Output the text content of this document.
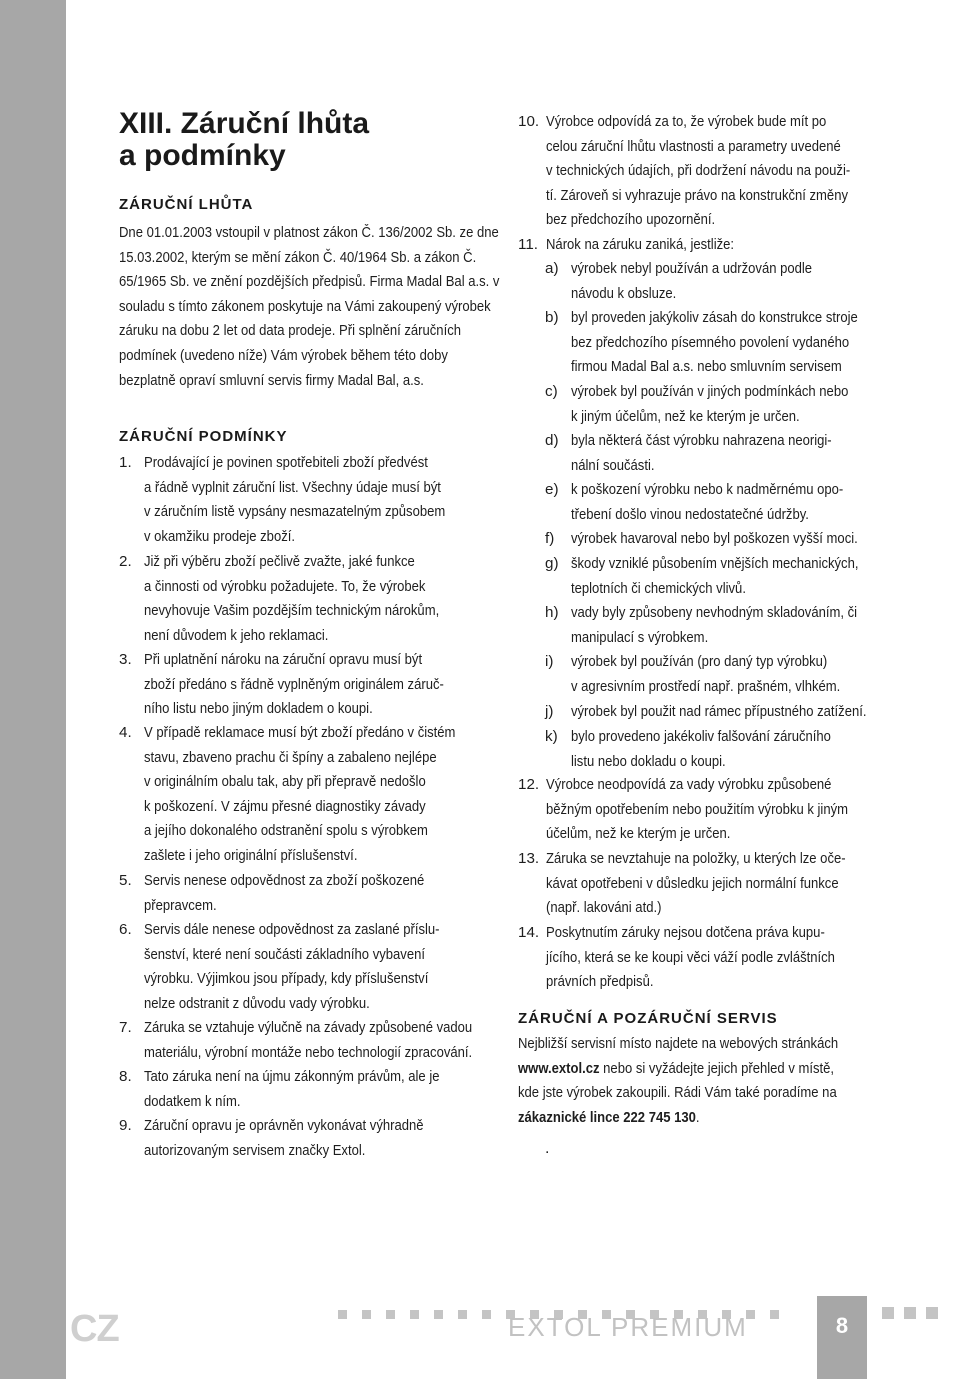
XIII. Záruční lhůta
a podmínky
ZÁRUČNÍ LHŮTA

Dne 01.01.2003 vstoupil v platnost zákon Č. 136/2002 Sb. ze dne 15.03.2002, kterým se mění zákon Č. 40/1964 Sb. a zákon Č. 65/1965 Sb. ve znění pozdějších předpisů. Firma Madal Bal a.s. v souladu s tímto zákonem poskytuje na Vámi zakoupený výrobek záruku na dobu 2 let od data prodeje. Při splnění záručních podmínek (uvedeno níže) Vám výrobek během této doby bezplatně opraví smluvní servis firmy Madal Bal, a.s.

ZÁRUČNÍ PODMÍNKY
1. Prodávající je povinen spotřebiteli zboží předvést
a řádně vyplnit záruční list. Všechny údaje musí být
v záručním listě vypsány nesmazatelným způsobem
v okamžiku prodeje zboží.
2. Již při výběru zboží pečlivě zvažte, jaké funkce
a činnosti od výrobku požadujete. To, že výrobek
nevyhovuje Vašim pozdějším technickým nárokům,
není důvodem k jeho reklamaci.
3. Při uplatnění nároku na záruční opravu musí být
zboží předáno s řádně vyplněným originálem záruč-
ního listu nebo jiným dokladem o koupi.
4. V případě reklamace musí být zboží předáno v čistém
stavu, zbaveno prachu či špíny a zabaleno nejlépe
v originálním obalu tak, aby při přepravě nedošlo
k poškození. V zájmu přesné diagnostiky závady
a jejího dokonalého odstranění spolu s výrobkem
zašlete i jeho originální příslušenství.
5. Servis nenese odpovědnost za zboží poškozené
přepravcem.
6. Servis dále nenese odpovědnost za zaslané příslu-
šenství, které není součásti základního vybavení
výrobku. Výjimkou jsou případy, kdy příslušenství
nelze odstranit z důvodu vady výrobku.
7. Záruka se vztahuje výlučně na závady způsobené vadou
materiálu, výrobní montáže nebo technologií zpracování.
8. Tato záruka není na újmu zákonným právům, ale je
dodatkem k ním.
9. Záruční opravu je oprávněn vykonávat výhradně
autorizovaným servisem značky Extol.
10. Výrobce odpovídá za to, že výrobek bude mít po
celou záruční lhůtu vlastnosti a parametry uvedené
v technických údajích, při dodržení návodu na použi-
tí. Zároveň si vyhrazuje právo na konstrukční změny
bez předchozího upozornění.
11. Nárok na záruku zaniká, jestliže:
a) výrobek nebyl používán a udržován podle
návodu k obsluze.
b) byl proveden jakýkoliv zásah do konstrukce stroje
bez předchozího písemného povolení vydaného
firmou Madal Bal a.s. nebo smluvním servisem
c) výrobek byl používán v jiných podmínkách nebo
k jiným účelům, než ke kterým je určen.
d) byla některá část výrobku nahrazena neorigi-
nální součásti.
e) k poškození výrobku nebo k nadměrnému opo-
třebení došlo vinou nedostatečné údržby.
f) výrobek havaroval nebo byl poškozen vyšší moci.
g) škody vzniklé působením vnějších mechanických,
teplotních či chemických vlivů.
h) vady byly způsobeny nevhodným skladováním, či
manipulací s výrobkem.
i) výrobek byl používán (pro daný typ výrobku)
v agresivním prostředí např. prašném, vlhkém.
j) výrobek byl použit nad rámec přípustného zatížení.
k) bylo provedeno jakékoliv falšování záručního
listu nebo dokladu o koupi.
12. Výrobce neodpovídá za vady výrobku způsobené
běžným opotřebením nebo použitím výrobku k jiným
účelům, než ke kterým je určen.
13. Záruka se nevztahuje na položky, u kterých lze oče-
kávat opotřebeni v důsledku jejich normální funkce
(např. lakováni atd.)
14. Poskytnutím záruky nejsou dotčena práva kupu-
jícího, která se ke koupi věci váží podle zvláštních
právních předpisů.
ZÁRUČNÍ A POZÁRUČNÍ SERVIS
Nejbližší servisní místo najdete na webových stránkách
www.extol.cz nebo si vyžádejte jejich přehled v místě,
kde jste výrobek zakoupili. Rádi Vám také poradíme na
zákaznické lince 222 745 130.
.
CZ	EXTOL PREMIUM	8
